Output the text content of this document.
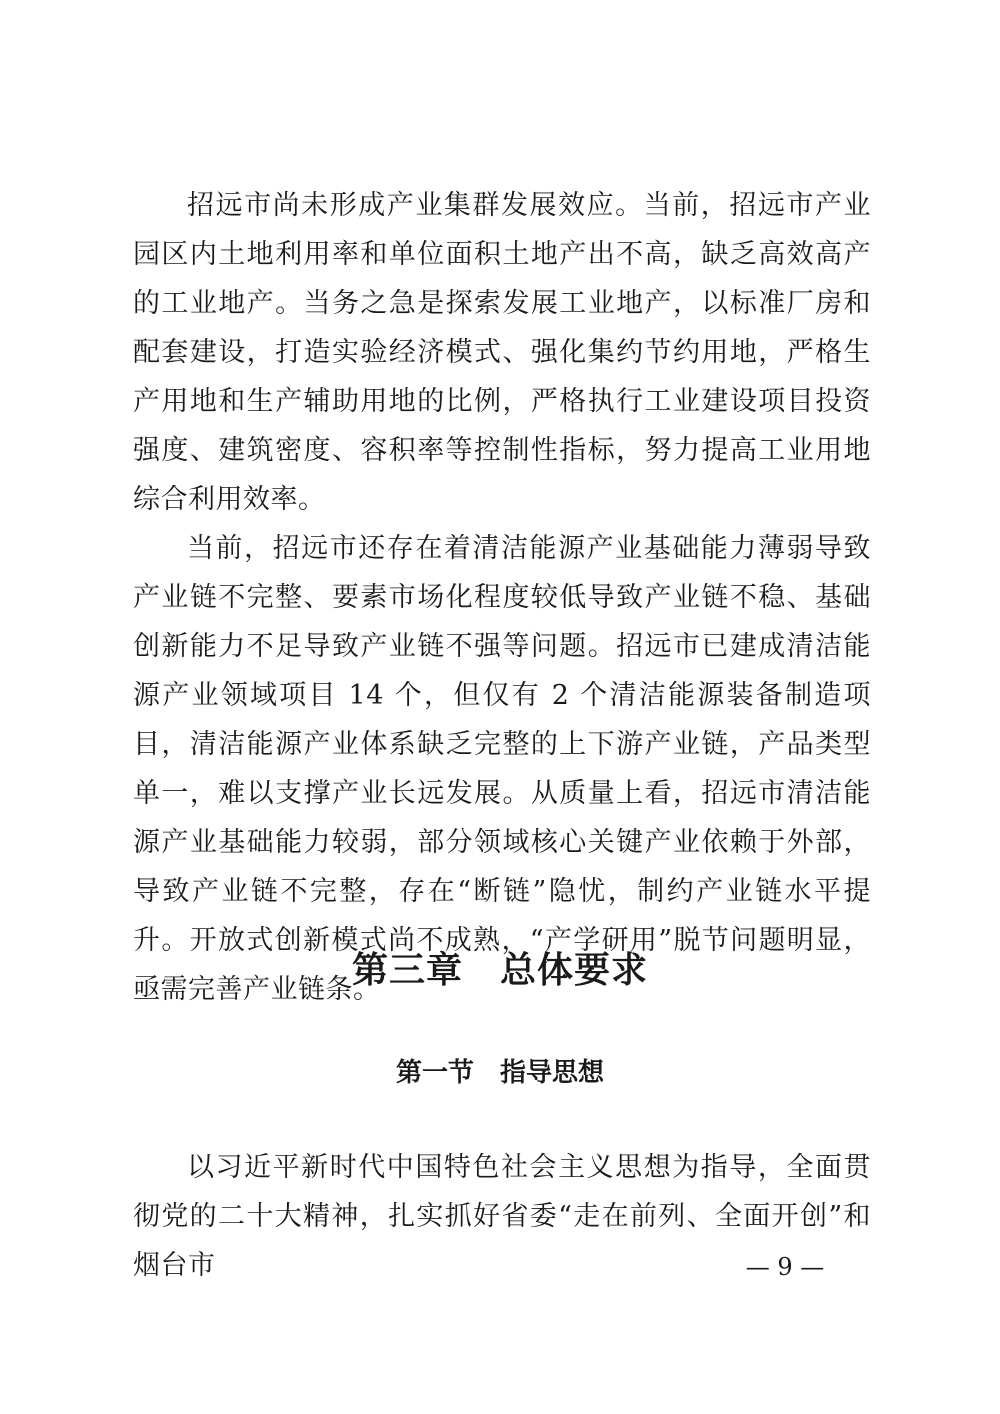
招远市尚未形成产业集群发展效应。当前，招远市产业园区内土地利用率和单位面积土地产出不高，缺乏高效高产的工业地产。当务之急是探索发展工业地产，以标准厂房和配套建设，打造实验经济模式、强化集约节约用地，严格生产用地和生产辅助用地的比例，严格执行工业建设项目投资强度、建筑密度、容积率等控制性指标，努力提高工业用地综合利用效率。

当前，招远市还存在着清洁能源产业基础能力薄弱导致产业链不完整、要素市场化程度较低导致产业链不稳、基础创新能力不足导致产业链不强等问题。招远市已建成清洁能源产业领域项目 14 个，但仅有 2 个清洁能源装备制造项目，清洁能源产业体系缺乏完整的上下游产业链，产品类型单一，难以支撑产业长远发展。从质量上看，招远市清洁能源产业基础能力较弱，部分领域核心关键产业依赖于外部，导致产业链不完整，存在“断链”隐忧，制约产业链水平提升。开放式创新模式尚不成熟，“产学研用”脱节问题明显，亟需完善产业链条。

第三章　总体要求
第一节　指导思想

以习近平新时代中国特色社会主义思想为指导，全面贯彻党的二十大精神，扎实抓好省委“走在前列、全面开创”和烟台市	— 9 —
